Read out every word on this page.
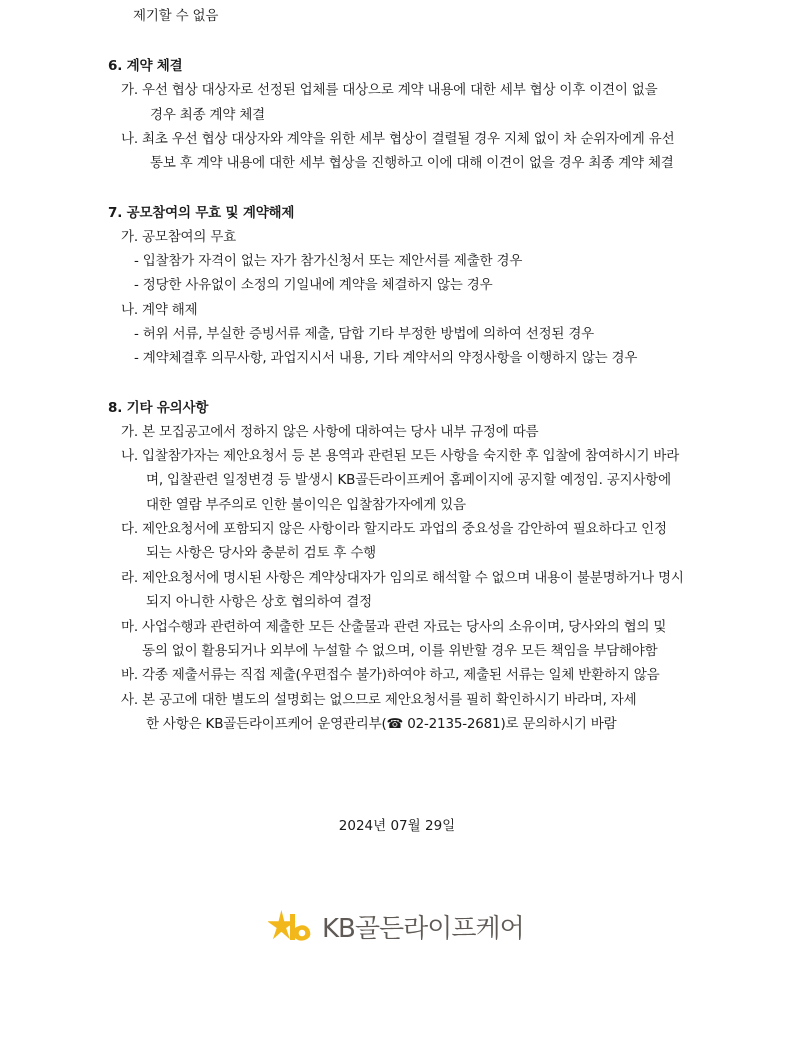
제기할 수 없음
6. 계약 체결
가. 우선 협상 대상자로 선정된 업체를 대상으로 계약 내용에 대한 세부 협상 이후 이견이 없을
경우 최종 계약 체결
나. 최초 우선 협상 대상자와 계약을 위한 세부 협상이 결렬될 경우 지체 없이 차 순위자에게 유선
통보 후 계약 내용에 대한 세부 협상을 진행하고 이에 대해 이견이 없을 경우 최종 계약 체결
7. 공모참여의 무효 및 계약해제
가. 공모참여의 무효
- 입찰참가 자격이 없는 자가 참가신청서 또는 제안서를 제출한 경우
- 정당한 사유없이 소정의 기일내에 계약을 체결하지 않는 경우
나. 계약 해제
- 허위 서류, 부실한 증빙서류 제출, 담합 기타 부정한 방법에 의하여 선정된 경우
- 계약체결후 의무사항, 과업지시서 내용, 기타 계약서의 약정사항을 이행하지 않는 경우
8. 기타 유의사항
가. 본 모집공고에서 정하지 않은 사항에 대하여는 당사 내부 규정에 따름
나. 입찰참가자는 제안요청서 등 본 용역과 관련된 모든 사항을 숙지한 후 입찰에 참여하시기 바라
며, 입찰관련 일정변경 등 발생시 KB골든라이프케어 홈페이지에 공지할 예정임. 공지사항에
대한 열람 부주의로 인한 불이익은 입찰참가자에게 있음
다. 제안요청서에 포함되지 않은 사항이라 할지라도 과업의 중요성을 감안하여 필요하다고 인정
되는 사항은 당사와 충분히 검토 후 수행
라. 제안요청서에 명시된 사항은 계약상대자가 임의로 해석할 수 없으며 내용이 불분명하거나 명시
되지 아니한 사항은 상호 협의하여 결정
마. 사업수행과 관련하여 제출한 모든 산출물과 관련 자료는 당사의 소유이며, 당사와의 협의 및
동의 없이 활용되거나 외부에 누설할 수 없으며, 이를 위반할 경우 모든 책임을 부담해야함
바. 각종 제출서류는 직접 제출(우편접수 불가)하여야 하고, 제출된 서류는 일체 반환하지 않음
사. 본 공고에 대한 별도의 설명회는 없으므로 제안요청서를 필히 확인하시기 바라며, 자세
한 사항은 KB골든라이프케어 운영관리부(☎ 02-2135-2681)로 문의하시기 바람
2024년 07월 29일
KB골든라이프케어
